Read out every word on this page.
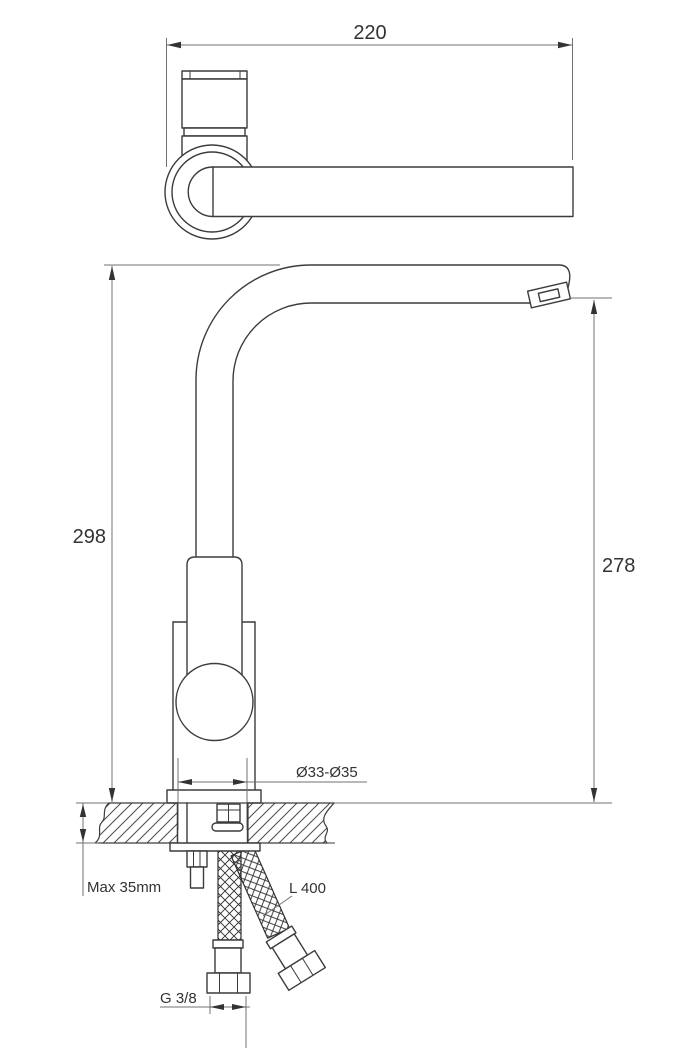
220
Ø33-Ø35
298
278
Max 35mm	L 400
G 3/8
